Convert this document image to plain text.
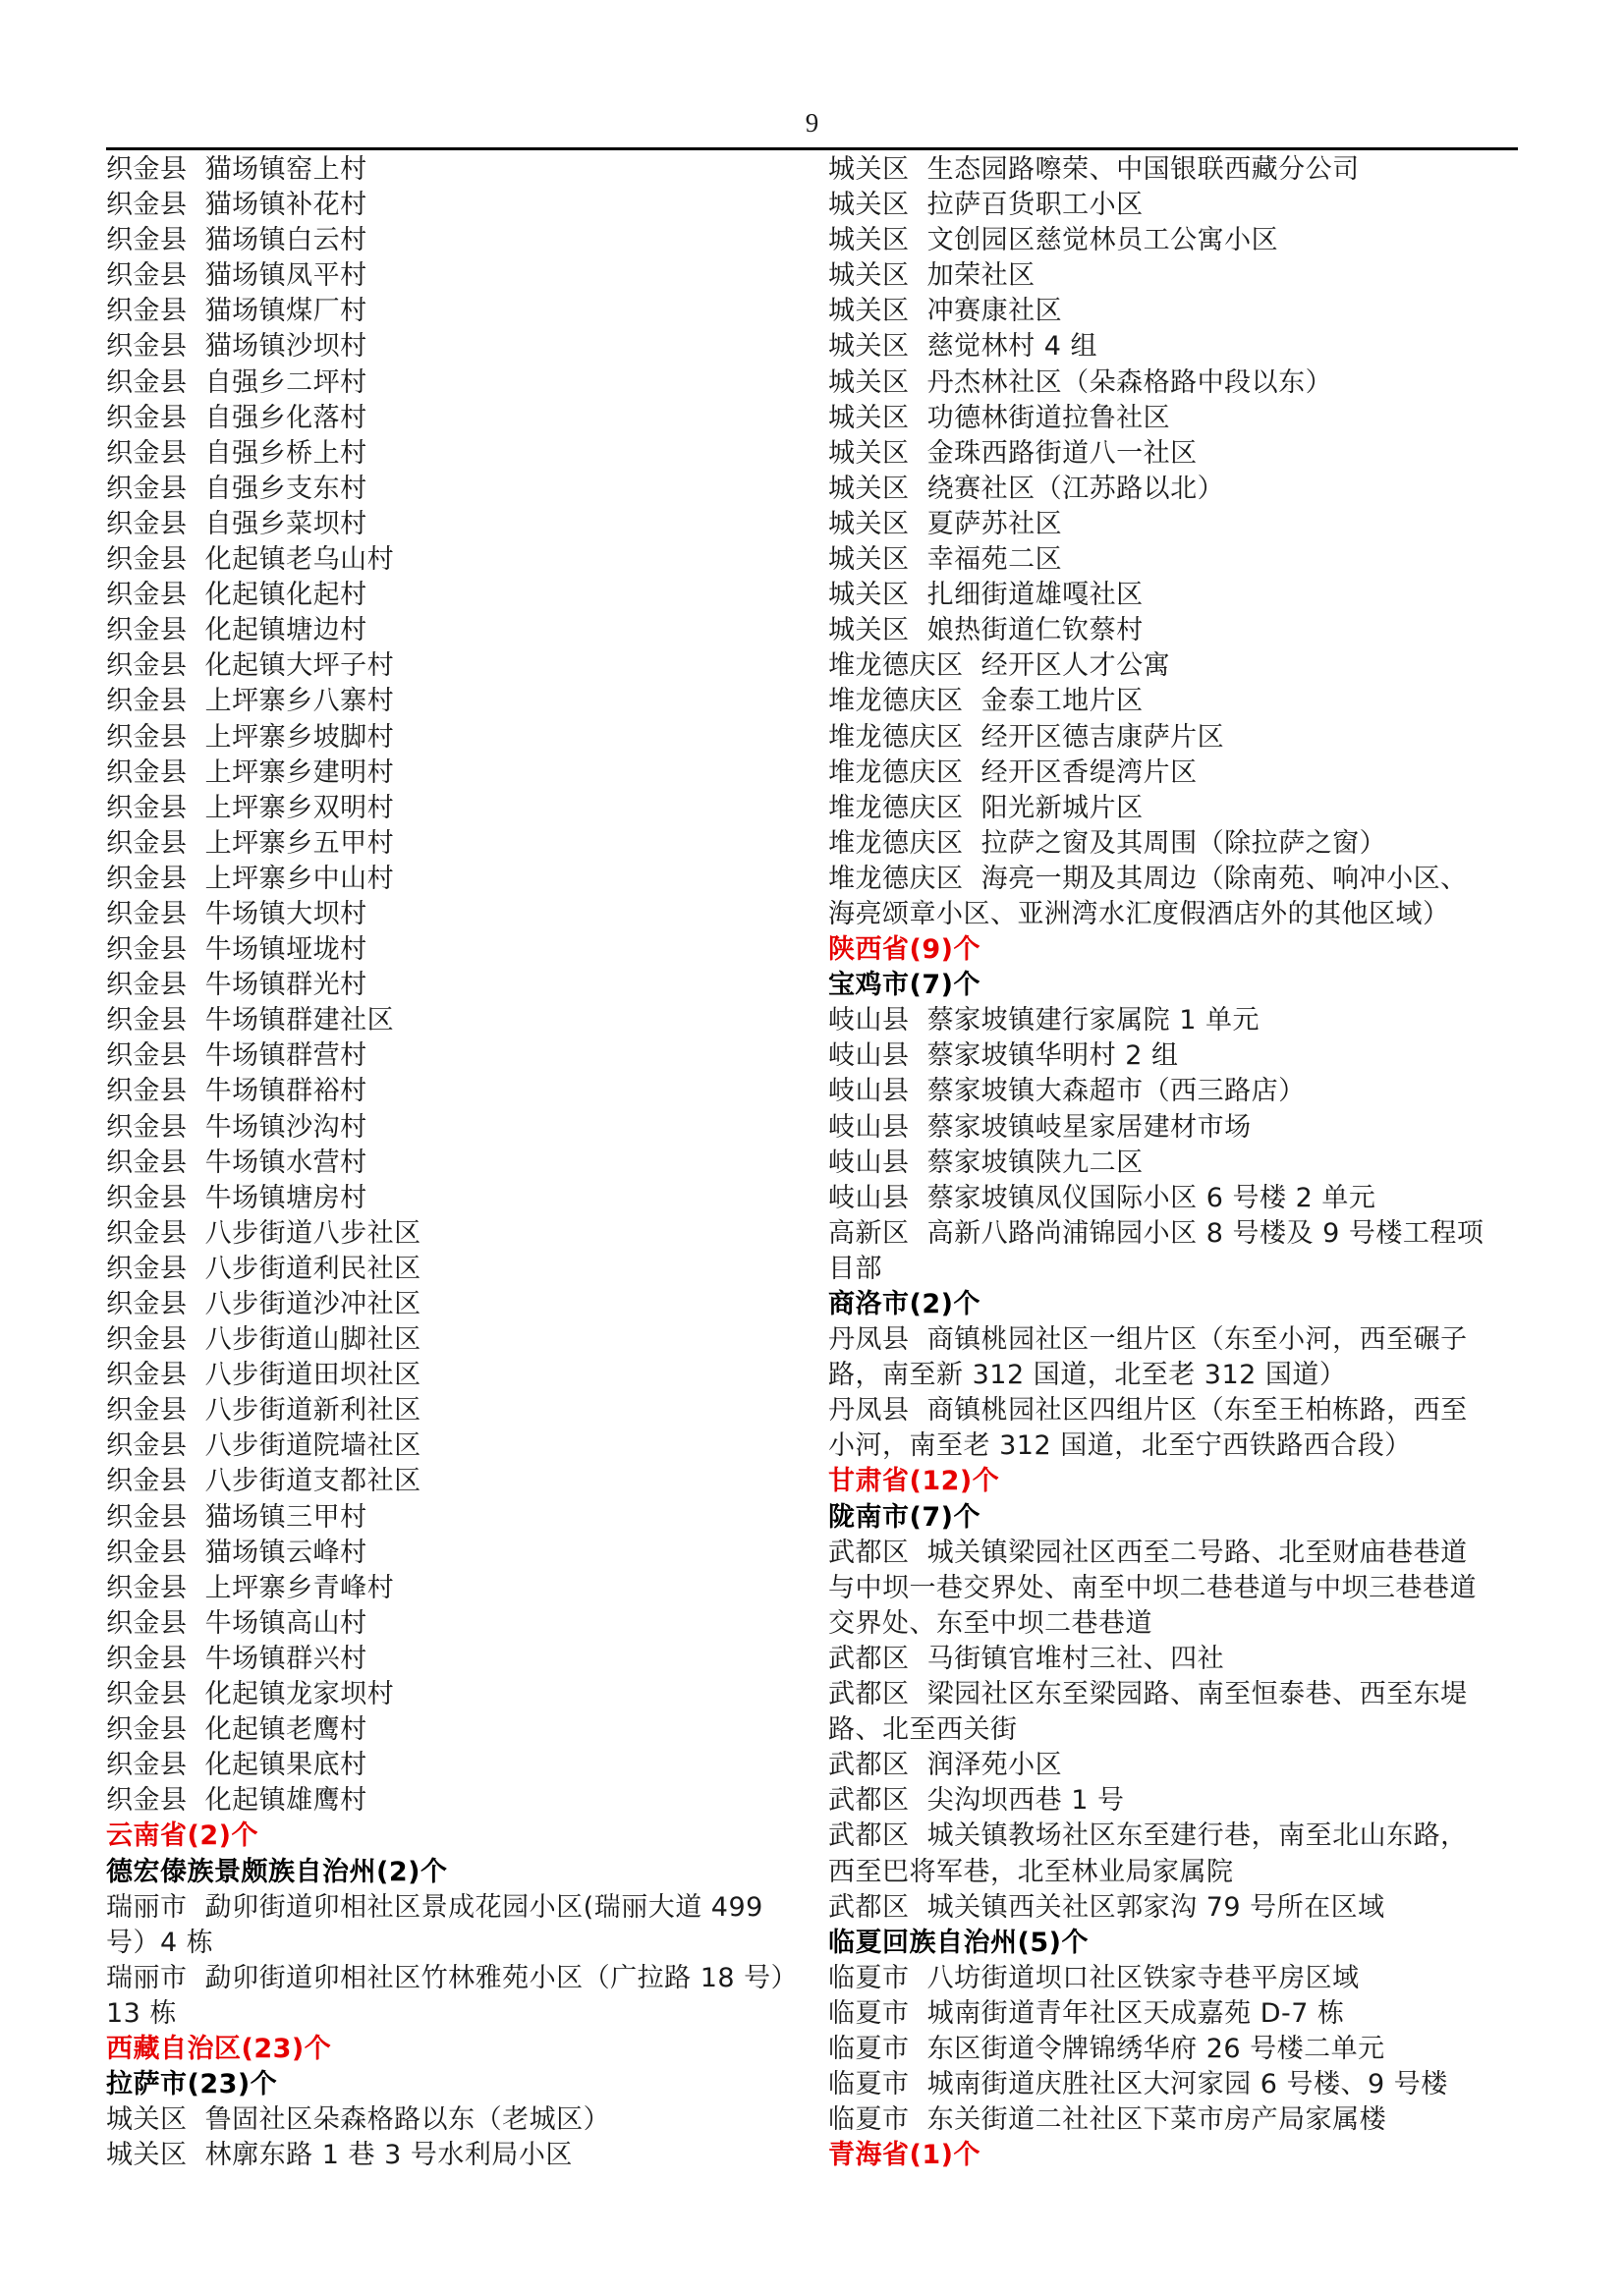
9
织金县  猫场镇窑上村
织金县  猫场镇补花村
织金县  猫场镇白云村
织金县  猫场镇凤平村
织金县  猫场镇煤厂村
织金县  猫场镇沙坝村
织金县  自强乡二坪村
织金县  自强乡化落村
织金县  自强乡桥上村
织金县  自强乡支东村
织金县  自强乡菜坝村
织金县  化起镇老乌山村
织金县  化起镇化起村
织金县  化起镇塘边村
织金县  化起镇大坪子村
织金县  上坪寨乡八寨村
织金县  上坪寨乡坡脚村
织金县  上坪寨乡建明村
织金县  上坪寨乡双明村
织金县  上坪寨乡五甲村
织金县  上坪寨乡中山村
织金县  牛场镇大坝村
织金县  牛场镇垭垅村
织金县  牛场镇群光村
织金县  牛场镇群建社区
织金县  牛场镇群营村
织金县  牛场镇群裕村
织金县  牛场镇沙沟村
织金县  牛场镇水营村
织金县  牛场镇塘房村
织金县  八步街道八步社区
织金县  八步街道利民社区
织金县  八步街道沙冲社区
织金县  八步街道山脚社区
织金县  八步街道田坝社区
织金县  八步街道新利社区
织金县  八步街道院墙社区
织金县  八步街道支都社区
织金县  猫场镇三甲村
织金县  猫场镇云峰村
织金县  上坪寨乡青峰村
织金县  牛场镇高山村
织金县  牛场镇群兴村
织金县  化起镇龙家坝村
织金县  化起镇老鹰村
织金县  化起镇果底村
织金县  化起镇雄鹰村
云南省(2)个
德宏傣族景颇族自治州(2)个
瑞丽市  勐卯街道卯相社区景成花园小区(瑞丽大道 499
号）4 栋
瑞丽市  勐卯街道卯相社区竹林雅苑小区（广拉路 18 号）
13 栋
西藏自治区(23)个
拉萨市(23)个
城关区  鲁固社区朵森格路以东（老城区）
城关区  林廓东路 1 巷 3 号水利局小区
城关区  生态园路嚓荣、中国银联西藏分公司
城关区  拉萨百货职工小区
城关区  文创园区慈觉林员工公寓小区
城关区  加荣社区
城关区  冲赛康社区
城关区  慈觉林村 4 组
城关区  丹杰林社区（朵森格路中段以东）
城关区  功德林街道拉鲁社区
城关区  金珠西路街道八一社区
城关区  绕赛社区（江苏路以北）
城关区  夏萨苏社区
城关区  幸福苑二区
城关区  扎细街道雄嘎社区
城关区  娘热街道仁钦蔡村
堆龙德庆区  经开区人才公寓
堆龙德庆区  金泰工地片区
堆龙德庆区  经开区德吉康萨片区
堆龙德庆区  经开区香缇湾片区
堆龙德庆区  阳光新城片区
堆龙德庆区  拉萨之窗及其周围（除拉萨之窗）
堆龙德庆区  海亮一期及其周边（除南苑、响冲小区、
海亮颂章小区、亚洲湾水汇度假酒店外的其他区域）
陕西省(9)个
宝鸡市(7)个
岐山县  蔡家坡镇建行家属院 1 单元
岐山县  蔡家坡镇华明村 2 组
岐山县  蔡家坡镇大森超市（西三路店）
岐山县  蔡家坡镇岐星家居建材市场
岐山县  蔡家坡镇陕九二区
岐山县  蔡家坡镇凤仪国际小区 6 号楼 2 单元
高新区  高新八路尚浦锦园小区 8 号楼及 9 号楼工程项
目部
商洛市(2)个
丹凤县  商镇桃园社区一组片区（东至小河，西至碾子
路，南至新 312 国道，北至老 312 国道）
丹凤县  商镇桃园社区四组片区（东至王柏栋路，西至
小河，南至老 312 国道，北至宁西铁路西合段）
甘肃省(12)个
陇南市(7)个
武都区  城关镇梁园社区西至二号路、北至财庙巷巷道
与中坝一巷交界处、南至中坝二巷巷道与中坝三巷巷道
交界处、东至中坝二巷巷道
武都区  马街镇官堆村三社、四社
武都区  梁园社区东至梁园路、南至恒泰巷、西至东堤
路、北至西关街
武都区  润泽苑小区
武都区  尖沟坝西巷 1 号
武都区  城关镇教场社区东至建行巷，南至北山东路，
西至巴将军巷，北至林业局家属院
武都区  城关镇西关社区郭家沟 79 号所在区域
临夏回族自治州(5)个
临夏市  八坊街道坝口社区铁家寺巷平房区域
临夏市  城南街道青年社区天成嘉苑 D-7 栋
临夏市  东区街道令牌锦绣华府 26 号楼二单元
临夏市  城南街道庆胜社区大河家园 6 号楼、9 号楼
临夏市  东关街道二社社区下菜市房产局家属楼
青海省(1)个
